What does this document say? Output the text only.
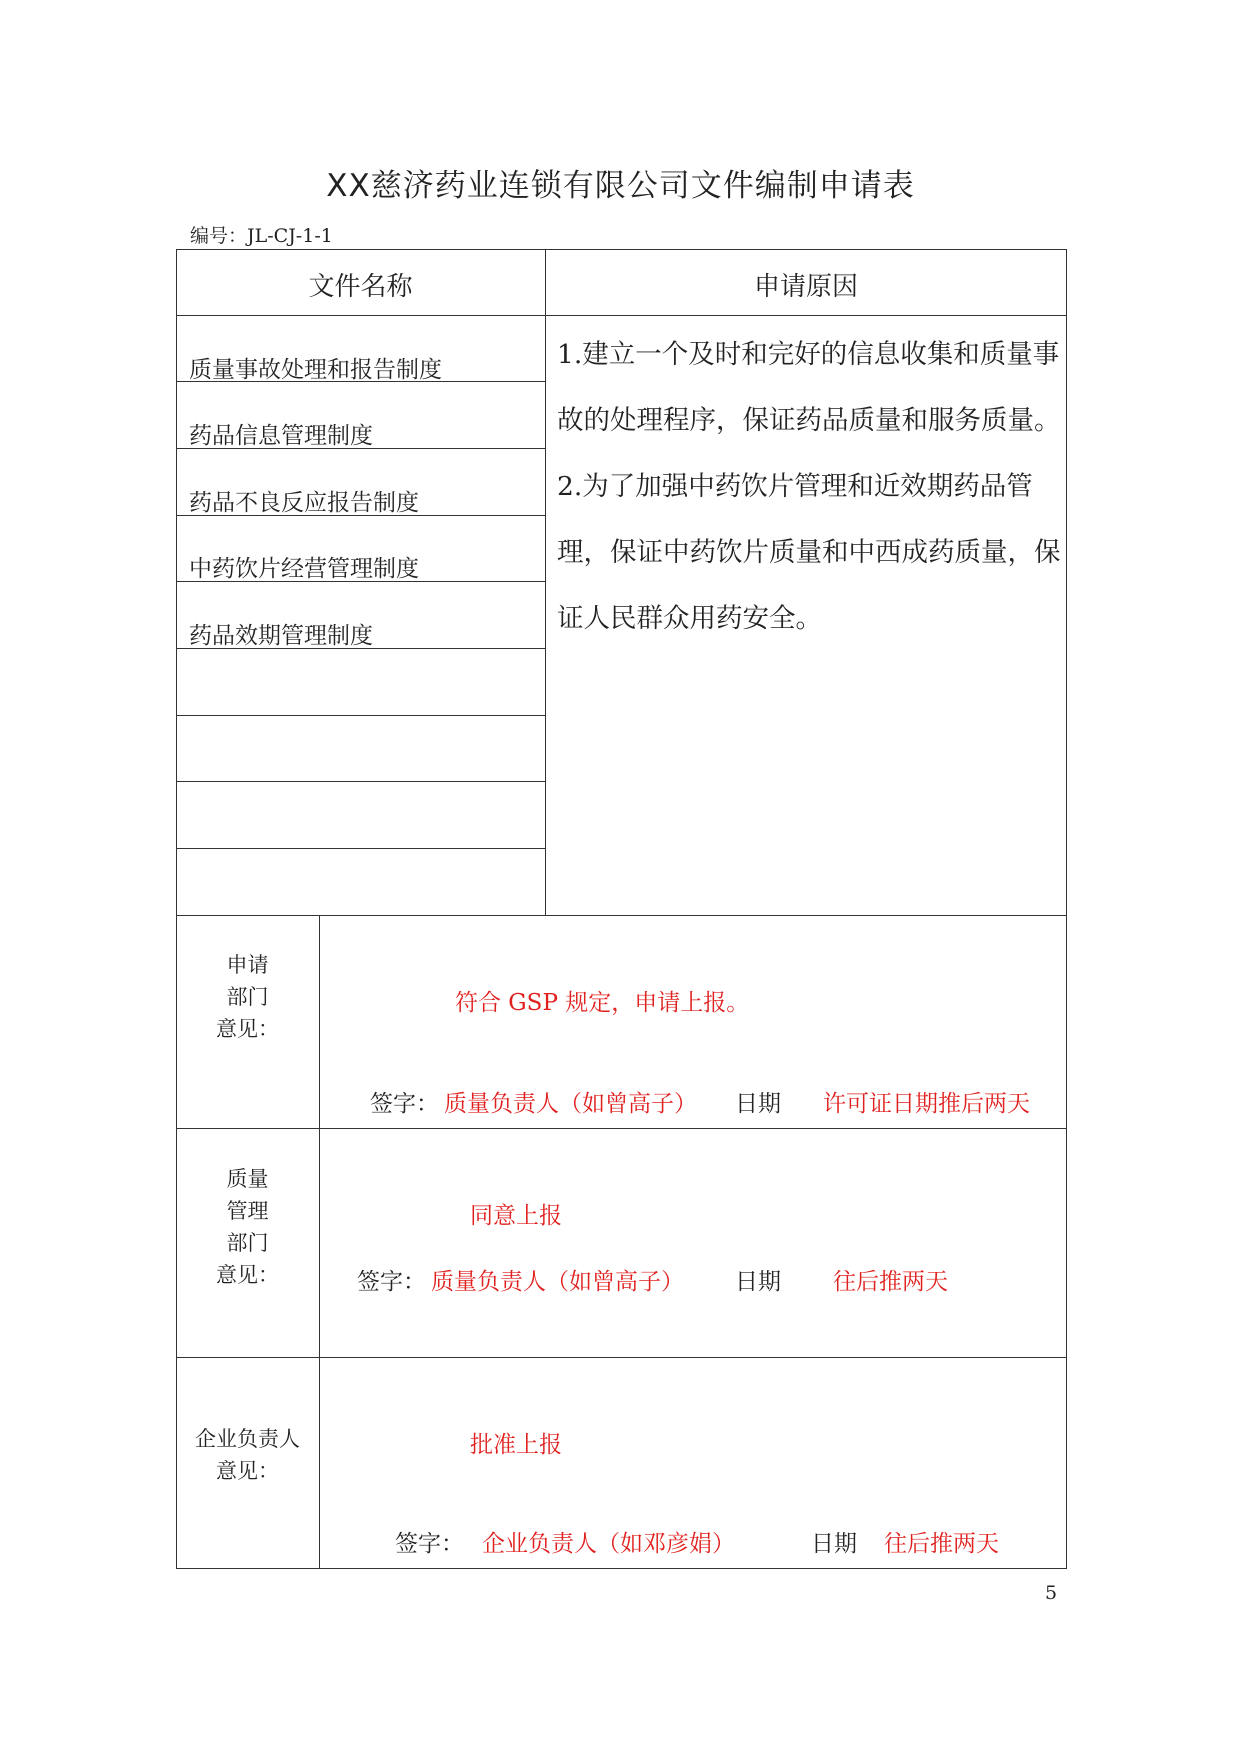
XX慈济药业连锁有限公司文件编制申请表
编号：JL-CJ-1-1
文件名称	申请原因
质量事故处理和报告制度
药品信息管理制度
药品不良反应报告制度
中药饮片经营管理制度
药品效期管理制度

1.建立一个及时和完好的信息收集和质量事故的处理程序，保证药品质量和服务质量。

2.为了加强中药饮片管理和近效期药品管理，保证中药饮片质量和中西成药质量，保证人民群众用药安全。

申请
部门
意见：
符合 GSP 规定，申请上报。
签字： 质量负责人（如曾高子） 日期 许可证日期推后两天
质量
管理
部门
意见：
同意上报
签字： 质量负责人（如曾高子） 日期 往后推两天
企业负责人
意见：
批准上报
签字： 企业负责人（如邓彦娟）	日期 往后推两天
5
